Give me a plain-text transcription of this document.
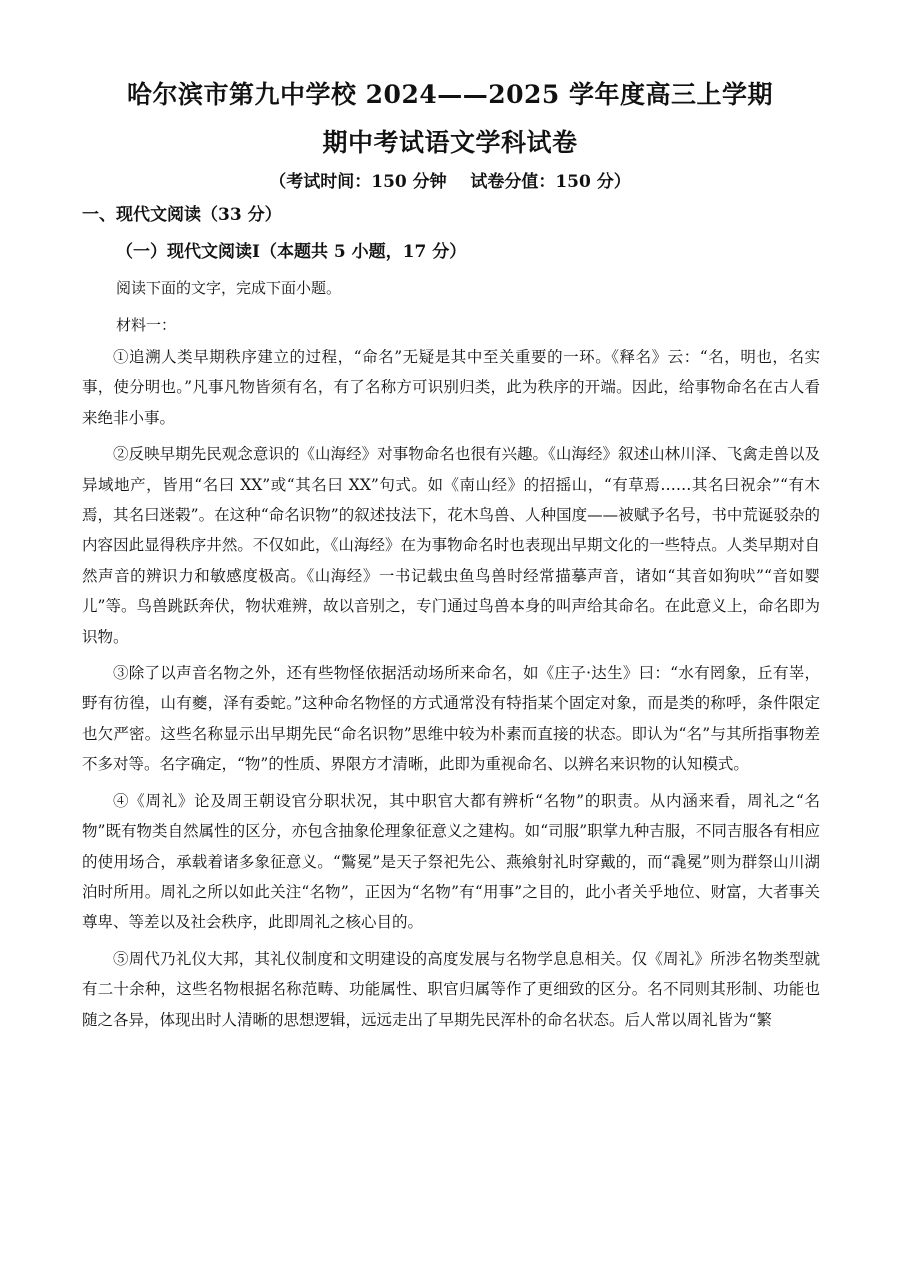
哈尔滨市第九中学校 2024——2025 学年度高三上学期
期中考试语文学科试卷
（考试时间：150 分钟    试卷分值：150 分）
一、现代文阅读（33 分）
（一）现代文阅读Ⅰ（本题共 5 小题，17 分）
阅读下面的文字，完成下面小题。
材料一：

①追溯人类早期秩序建立的过程，“命名”无疑是其中至关重要的一环。《释名》云：“名，明也，名实事，使分明也。”凡事凡物皆须有名，有了名称方可识别归类，此为秩序的开端。因此，给事物命名在古人看来绝非小事。

②反映早期先民观念意识的《山海经》对事物命名也很有兴趣。《山海经》叙述山林川泽、飞禽走兽以及异域地产，皆用“名曰 XX”或“其名曰 XX”句式。如《南山经》的招摇山，“有草焉……其名曰祝余”“有木焉，其名曰迷榖”。在这种“命名识物”的叙述技法下，花木鸟兽、人种国度——被赋予名号，书中荒诞驳杂的内容因此显得秩序井然。不仅如此，《山海经》在为事物命名时也表现出早期文化的一些特点。人类早期对自然声音的辨识力和敏感度极高。《山海经》一书记载虫鱼鸟兽时经常描摹声音，诸如“其音如狗吠”“音如婴儿”等。鸟兽跳跃奔伏，物状难辨，故以音别之，专门通过鸟兽本身的叫声给其命名。在此意义上，命名即为识物。

③除了以声音名物之外，还有些物怪依据活动场所来命名，如《庄子·达生》曰：“水有罔象，丘有峷，野有彷徨，山有夔，泽有委蛇。”这种命名物怪的方式通常没有特指某个固定对象，而是类的称呼，条件限定也欠严密。这些名称显示出早期先民“命名识物”思维中较为朴素而直接的状态。即认为“名”与其所指事物差不多对等。名字确定，“物”的性质、界限方才清晰，此即为重视命名、以辨名来识物的认知模式。

④《周礼》论及周王朝设官分职状况，其中职官大都有辨析“名物”的职责。从内涵来看，周礼之“名物”既有物类自然属性的区分，亦包含抽象伦理象征意义之建构。如“司服”职掌九种吉服，不同吉服各有相应的使用场合，承载着诸多象征意义。“鷩冕”是天子祭祀先公、燕飨射礼时穿戴的，而“毳冕”则为群祭山川湖泊时所用。周礼之所以如此关注“名物”，正因为“名物”有“用事”之目的，此小者关乎地位、财富，大者事关尊卑、等差以及社会秩序，此即周礼之核心目的。

⑤周代乃礼仪大邦，其礼仪制度和文明建设的高度发展与名物学息息相关。仅《周礼》所涉名物类型就有二十余种，这些名物根据名称范畴、功能属性、职官归属等作了更细致的区分。名不同则其形制、功能也随之各异，体现出时人清晰的思想逻辑，远远走出了早期先民浑朴的命名状态。后人常以周礼皆为“繁
